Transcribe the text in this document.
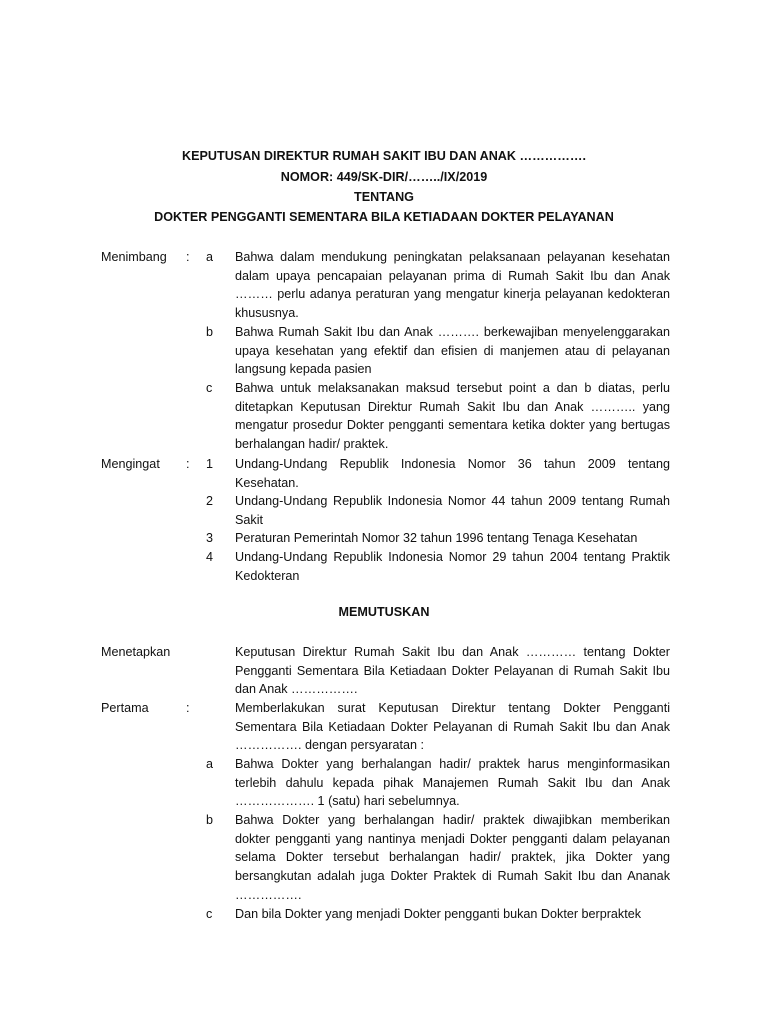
KEPUTUSAN DIREKTUR RUMAH SAKIT IBU DAN ANAK …………….
NOMOR: 449/SK-DIR/……../IX/2019
TENTANG
DOKTER PENGGANTI SEMENTARA BILA KETIADAAN DOKTER PELAYANAN
Menimbang : a Bahwa dalam mendukung peningkatan pelaksanaan pelayanan kesehatan dalam upaya pencapaian pelayanan prima di Rumah Sakit Ibu dan Anak ……… perlu adanya peraturan yang mengatur kinerja pelayanan kedokteran khususnya.
b Bahwa Rumah Sakit Ibu dan Anak ………. berkewajiban menyelenggarakan upaya kesehatan yang efektif dan efisien di manjemen atau di pelayanan langsung kepada pasien
c Bahwa untuk melaksanakan maksud tersebut point a dan b diatas, perlu ditetapkan Keputusan Direktur Rumah Sakit Ibu dan Anak ……….. yang mengatur prosedur Dokter pengganti sementara ketika dokter yang bertugas berhalangan hadir/ praktek.
Mengingat : 1 Undang-Undang Republik Indonesia Nomor 36 tahun 2009 tentang Kesehatan.
2 Undang-Undang Republik Indonesia Nomor 44 tahun 2009 tentang Rumah Sakit
3 Peraturan Pemerintah Nomor 32 tahun 1996 tentang Tenaga Kesehatan
4 Undang-Undang Republik Indonesia Nomor 29 tahun 2004 tentang Praktik Kedokteran
MEMUTUSKAN
Menetapkan	Keputusan Direktur Rumah Sakit Ibu dan Anak ………… tentang Dokter Pengganti Sementara Bila Ketiadaan Dokter Pelayanan di Rumah Sakit Ibu dan Anak …………….
Pertama	:	Memberlakukan surat Keputusan Direktur tentang Dokter Pengganti Sementara Bila Ketiadaan Dokter Pelayanan di Rumah Sakit Ibu dan Anak ……………. dengan persyaratan :
a Bahwa Dokter yang berhalangan hadir/ praktek harus menginformasikan terlebih dahulu kepada pihak Manajemen Rumah Sakit Ibu dan Anak ………………. 1 (satu) hari sebelumnya.
b Bahwa Dokter yang berhalangan hadir/ praktek diwajibkan memberikan dokter pengganti yang nantinya menjadi Dokter pengganti dalam pelayanan selama Dokter tersebut berhalangan hadir/ praktek, jika Dokter yang bersangkutan adalah juga Dokter Praktek di Rumah Sakit Ibu dan Ananak …………….
c Dan bila Dokter yang menjadi Dokter pengganti bukan Dokter berpraktek
